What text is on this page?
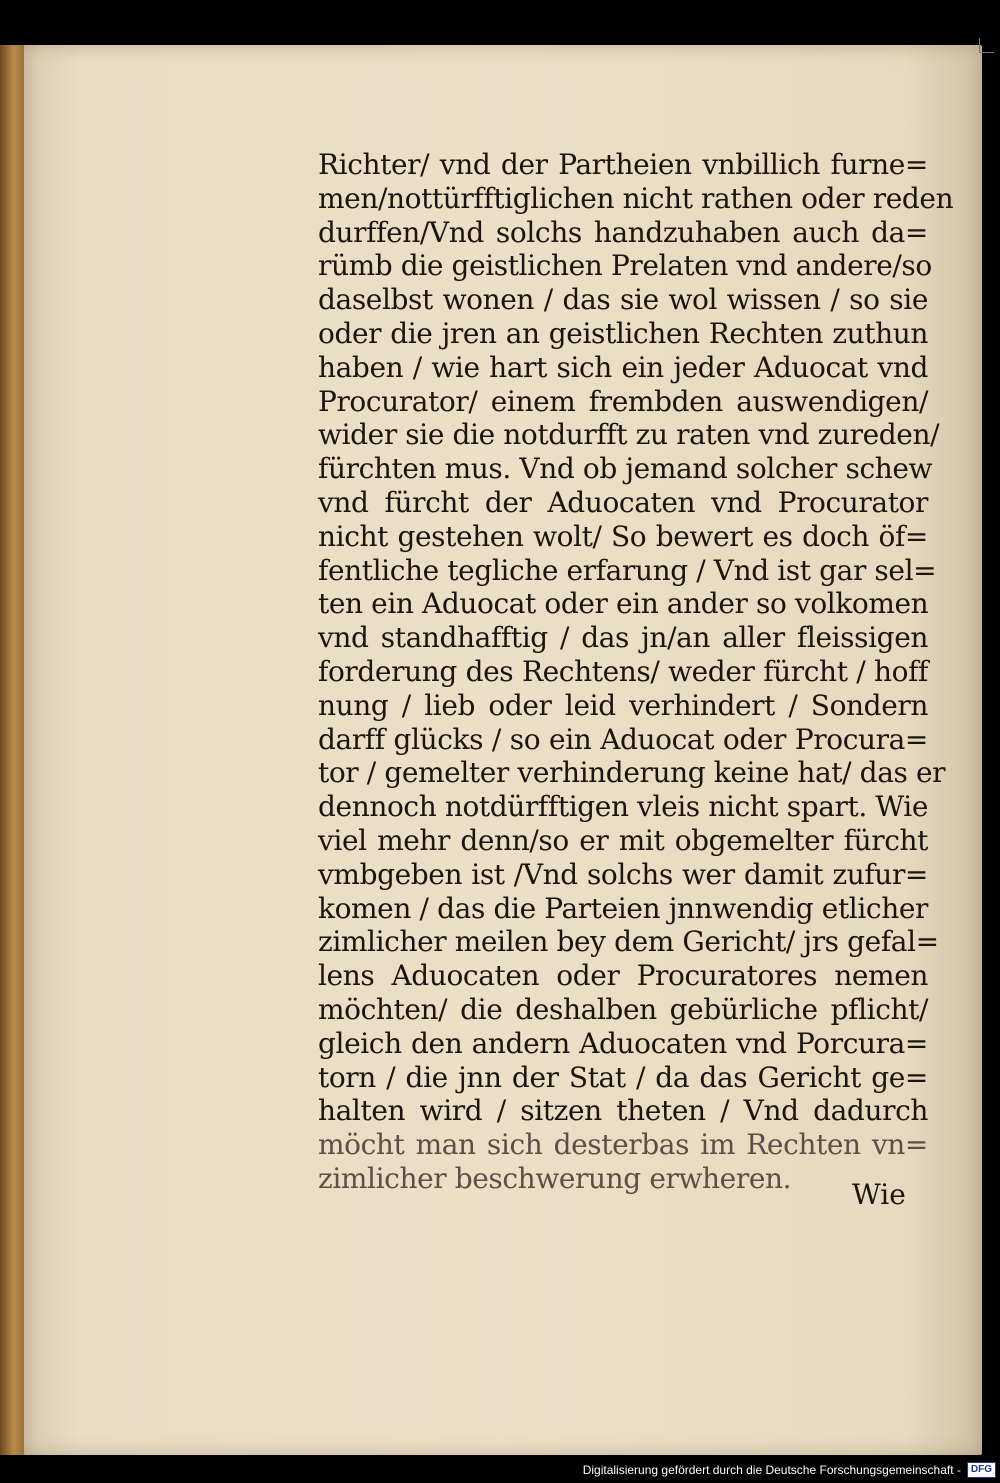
Richter/ vnd der Partheien vnbillich furne=
men/nottürfftiglichen nicht rathen oder reden
durffen/Vnd solchs handzuhaben auch da=
rümb die geistlichen Prelaten vnd andere/so
daselbst wonen / das sie wol wissen / so sie
oder die jren an geistlichen Rechten zuthun
haben / wie hart sich ein jeder Aduocat vnd
Procurator/ einem frembden auswendigen/
wider sie die notdurfft zu raten vnd zureden/
fürchten mus. Vnd ob jemand solcher schew
vnd fürcht der Aduocaten vnd Procurator
nicht gestehen wolt/ So bewert es doch öf=
fentliche tegliche erfarung / Vnd ist gar sel=
ten ein Aduocat oder ein ander so volkomen
vnd standhafftig / das jn/an aller fleissigen
forderung des Rechtens/ weder fürcht / hoff
nung / lieb oder leid verhindert / Sondern
darff glücks / so ein Aduocat oder Procura=
tor / gemelter verhinderung keine hat/ das er
dennoch notdürfftigen vleis nicht spart. Wie
viel mehr denn/so er mit obgemelter fürcht
vmbgeben ist /Vnd solchs wer damit zufur=
komen / das die Parteien jnnwendig etlicher
zimlicher meilen bey dem Gericht/ jrs gefal=
lens Aduocaten oder Procuratores nemen
möchten/ die deshalben gebürliche pflicht/
gleich den andern Aduocaten vnd Porcura=
torn / die jnn der Stat / da das Gericht ge=
halten wird / sitzen theten / Vnd dadurch
möcht man sich desterbas im Rechten vn=
zimlicher beschwerung erwheren.	Wie
Digitalisierung gefördert durch die Deutsche Forschungsgemeinschaft -	DFG
